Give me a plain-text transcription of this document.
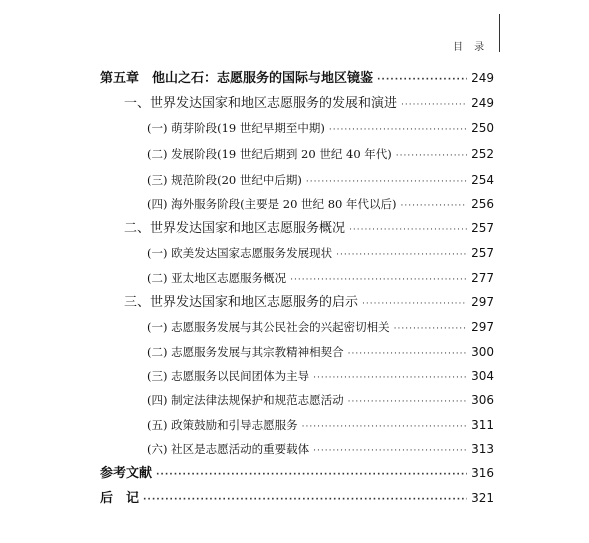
目 录
第五章　他山之石：志愿服务的国际与地区镜鉴 ·····	249
一、世界发达国家和地区志愿服务的发展和演进 ·····	249
(一) 萌芽阶段(19 世纪早期至中期) ·····	250
(二) 发展阶段(19 世纪后期到 20 世纪 40 年代) ·····	252
(三) 规范阶段(20 世纪中后期) ·····	254
(四) 海外服务阶段(主要是 20 世纪 80 年代以后) ·····	256
二、世界发达国家和地区志愿服务概况 ·····	257
(一) 欧美发达国家志愿服务发展现状 ·····	257
(二) 亚太地区志愿服务概况 ·····	277
三、世界发达国家和地区志愿服务的启示 ·····	297
(一) 志愿服务发展与其公民社会的兴起密切相关 ·····	297
(二) 志愿服务发展与其宗教精神相契合 ·····	300
(三) 志愿服务以民间团体为主导 ·····	304
(四) 制定法律法规保护和规范志愿活动 ·····	306
(五) 政策鼓励和引导志愿服务 ·····	311
(六) 社区是志愿活动的重要载体 ·····	313
参考文献 ·····	316
后　记 ·····	321
